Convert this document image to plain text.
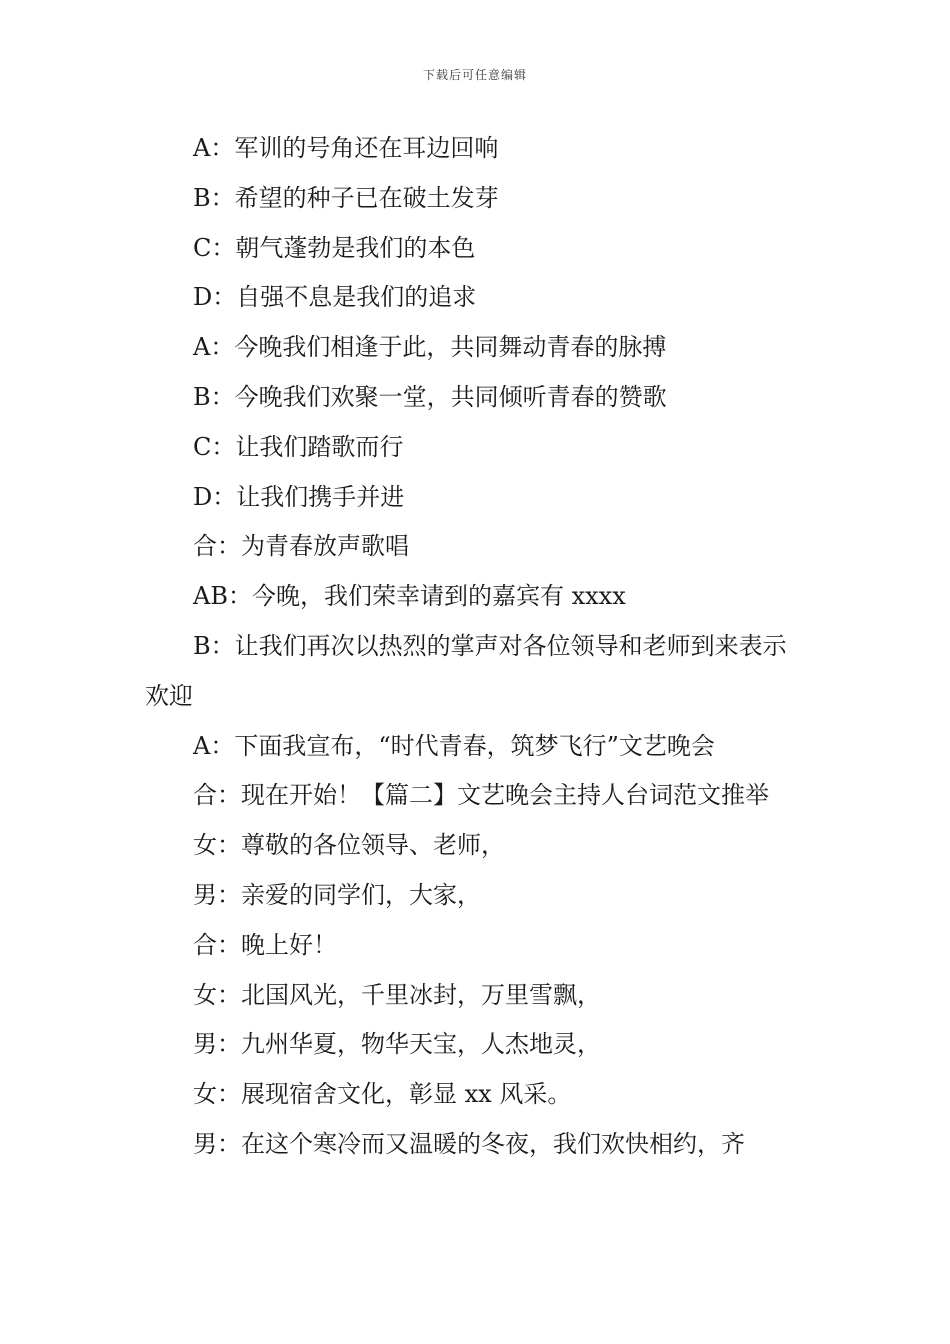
下载后可任意编辑

A：军训的号角还在耳边回响

B：希望的种子已在破土发芽

C：朝气蓬勃是我们的本色

D：自强不息是我们的追求

A：今晚我们相逢于此，共同舞动青春的脉搏

B：今晚我们欢聚一堂，共同倾听青春的赞歌

C：让我们踏歌而行

D：让我们携手并进

合：为青春放声歌唱

AB：今晚，我们荣幸请到的嘉宾有 xxxx

B：让我们再次以热烈的掌声对各位领导和老师到来表示欢迎

A：下面我宣布，“时代青春，筑梦飞行”文艺晚会

合：现在开始！【篇二】文艺晚会主持人台词范文推举

女：尊敬的各位领导、老师，

男：亲爱的同学们，大家，

合：晚上好！

女：北国风光，千里冰封，万里雪飘，

男：九州华夏，物华天宝，人杰地灵，

女：展现宿舍文化，彰显 xx 风采。

男：在这个寒冷而又温暖的冬夜，我们欢快相约，齐
